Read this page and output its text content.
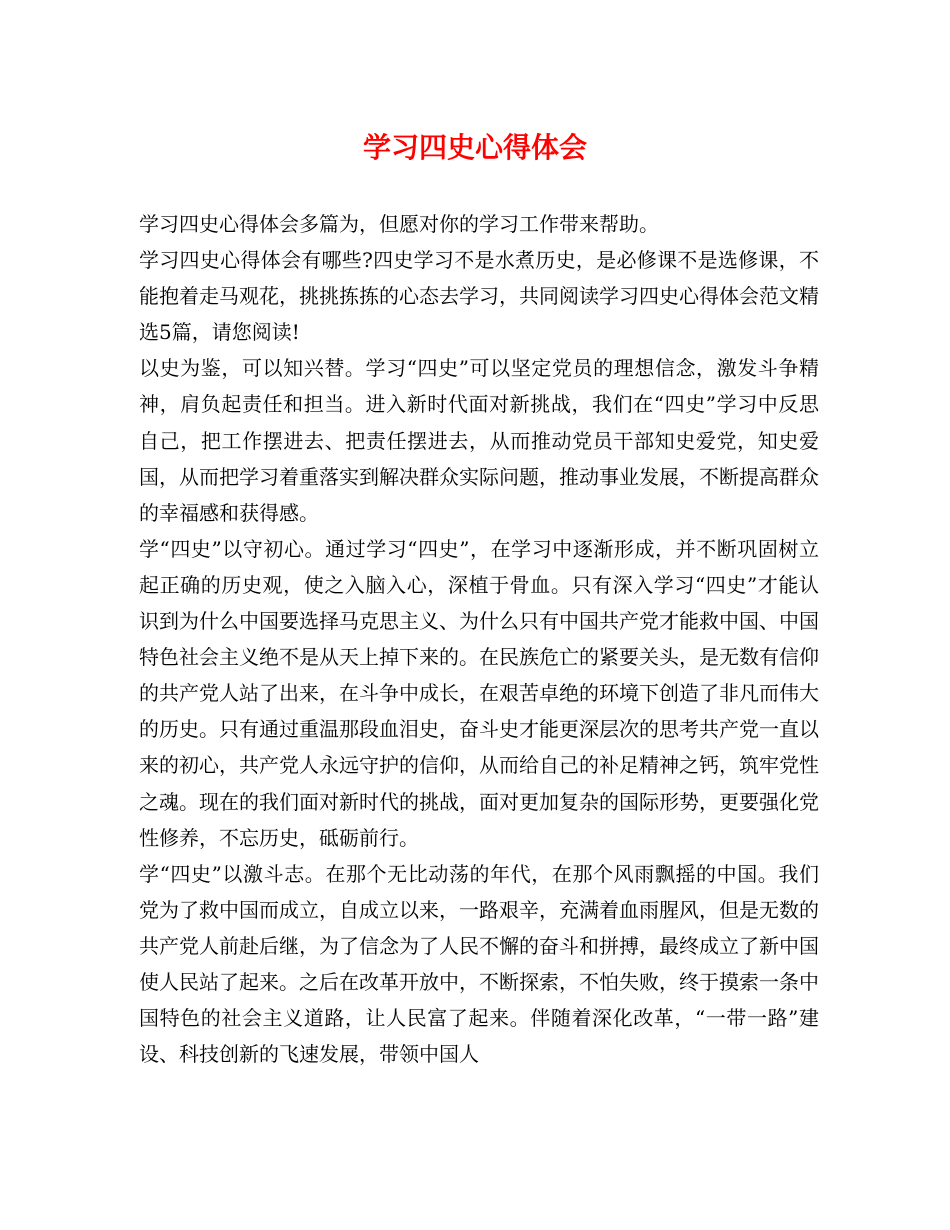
学习四史心得体会

学习四史心得体会多篇为，但愿对你的学习工作带来帮助。

学习四史心得体会有哪些?四史学习不是水煮历史，是必修课不是选修课，不能抱着走马观花，挑挑拣拣的心态去学习，共同阅读学习四史心得体会范文精选5篇，请您阅读!

以史为鉴，可以知兴替。学习“四史”可以坚定党员的理想信念，激发斗争精神，肩负起责任和担当。进入新时代面对新挑战，我们在“四史”学习中反思自己，把工作摆进去、把责任摆进去，从而推动党员干部知史爱党，知史爱国，从而把学习着重落实到解决群众实际问题，推动事业发展，不断提高群众的幸福感和获得感。

学“四史”以守初心。通过学习“四史”，在学习中逐渐形成，并不断巩固树立起正确的历史观，使之入脑入心，深植于骨血。只有深入学习“四史”才能认识到为什么中国要选择马克思主义、为什么只有中国共产党才能救中国、中国特色社会主义绝不是从天上掉下来的。在民族危亡的紧要关头，是无数有信仰的共产党人站了出来，在斗争中成长，在艰苦卓绝的环境下创造了非凡而伟大的历史。只有通过重温那段血泪史，奋斗史才能更深层次的思考共产党一直以来的初心，共产党人永远守护的信仰，从而给自己的补足精神之钙，筑牢党性之魂。现在的我们面对新时代的挑战，面对更加复杂的国际形势，更要强化党性修养，不忘历史，砥砺前行。

学“四史”以激斗志。在那个无比动荡的年代，在那个风雨飘摇的中国。我们党为了救中国而成立，自成立以来，一路艰辛，充满着血雨腥风，但是无数的共产党人前赴后继，为了信念为了人民不懈的奋斗和拼搏，最终成立了新中国使人民站了起来。之后在改革开放中，不断探索，不怕失败，终于摸索一条中国特色的社会主义道路，让人民富了起来。伴随着深化改革，“一带一路”建设、科技创新的飞速发展，带领中国人
